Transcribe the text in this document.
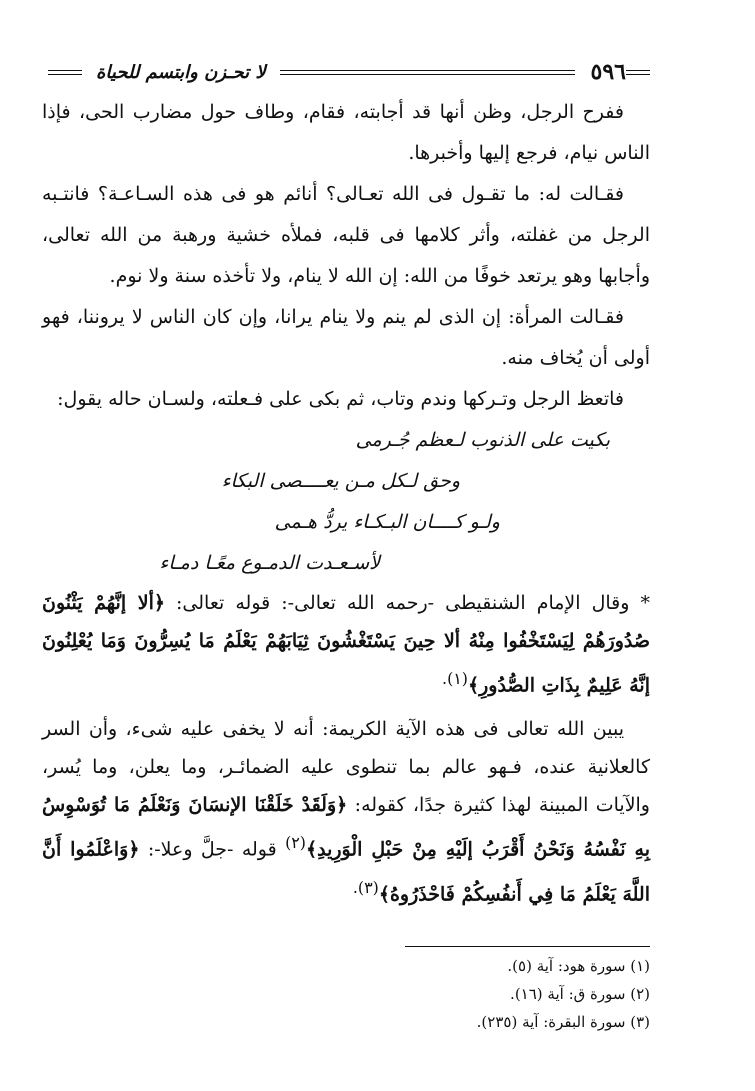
٥٩٦
لا تحـزن وابتسم للحياة

ففرح الرجل، وظن أنها قد أجابته، فقام، وطاف حول مضارب الحى، فإذا الناس نيام، فرجع إليها وأخبرها.

فقـالت له: ما تقـول فى الله تعـالى؟ أنائم هو فى هذه السـاعـة؟ فانتـبه الرجل من غفلته، وأثر كلامها فى قلبه، فملأه خشية ورهبة من الله تعالى، وأجابها وهو يرتعد خوفًا من الله: إن الله لا ينام، ولا تأخذه سنة ولا نوم.

فقـالت المرأة: إن الذى لم ينم ولا ينام يرانا، وإن كان الناس لا يروننا، فهو أولى أن يُخاف منه.

فاتعظ الرجل وتـركها وندم وتاب، ثم بكى على فـعلته، ولسـان حاله يقول:

بكيت على الذنوب لـعظم جُـرمى
وحق لـكل مـن يعــــصى البكاء
ولـو كــــان البـكـاء يردُّ هـمى
لأسـعـدت الدمـوع معًـا دمـاء

* وقال الإمام الشنقيطى -رحمه الله تعالى-: قوله تعالى: ﴿ألا إنَّهُمْ يَثْنُونَ صُدُورَهُمْ لِيَسْتَخْفُوا مِنْهُ ألا حِينَ يَسْتَغْشُونَ ثِيَابَهُمْ يَعْلَمُ مَا يُسِرُّونَ وَمَا يُعْلِنُونَ إنَّهُ عَلِيمٌ بِذَاتِ الصُّدُورِ﴾$^{(١).}$

يبين الله تعالى فى هذه الآية الكريمة: أنه لا يخفى عليه شىء، وأن السر كالعلانية عنده، فـهو عالم بما تنطوى عليه الضمائـر، وما يعلن، وما يُسر، والآيات المبينة لهذا كثيرة جدًا، كقوله: ﴿وَلَقَدْ خَلَقْنَا الإنسَانَ وَنَعْلَمُ مَا تُوَسْوِسُ بِهِ نَفْسُهُ وَنَحْنُ أَقْرَبُ إلَيْهِ مِنْ حَبْلِ الْوَرِيدِ﴾$^{(٢)}$ قوله -جلَّ وعلا-: ﴿وَاعْلَمُوا أَنَّ اللَّهَ يَعْلَمُ مَا فِي أَنفُسِكُمْ فَاحْذَرُوهُ﴾$^{(٣).}$

(١) سورة هود: آية (٥).
(٢) سورة ق: آية (١٦).
(٣) سورة البقرة: آية (٢٣٥).
